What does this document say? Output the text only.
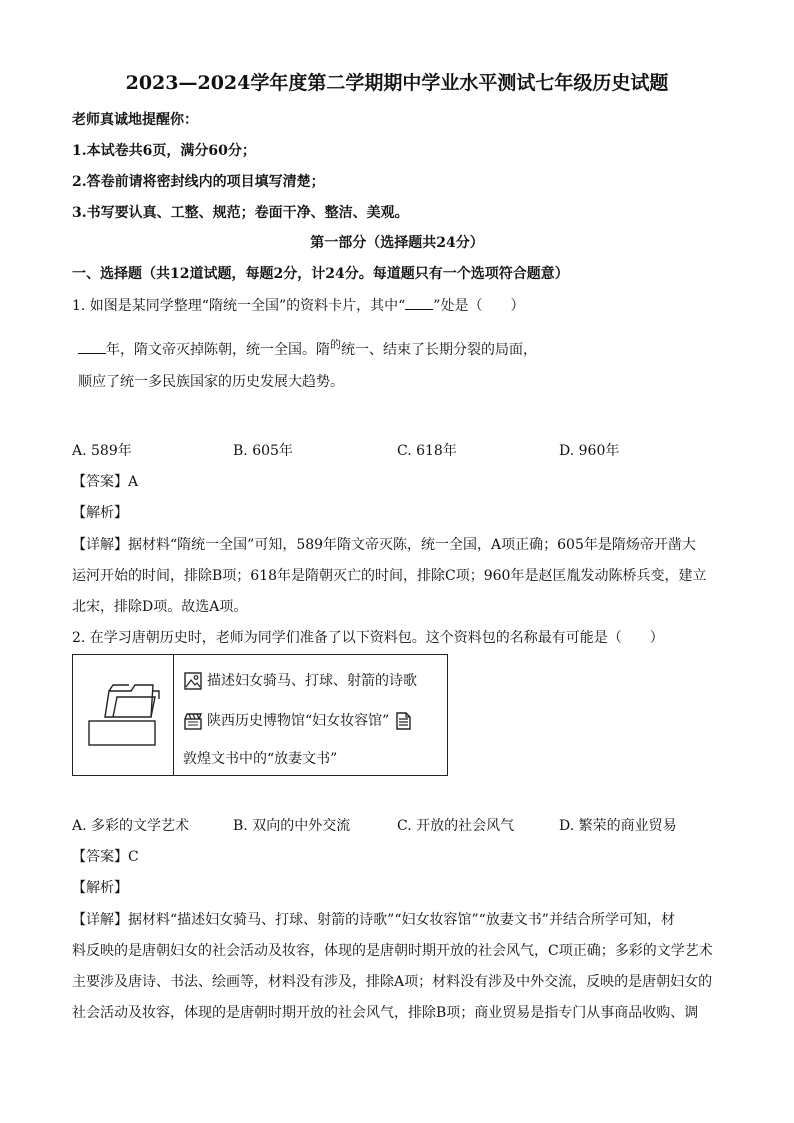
2023—2024学年度第二学期期中学业水平测试七年级历史试题
老师真诚地提醒你：
1.本试卷共6页，满分60分；
2.答卷前请将密封线内的项目填写清楚；
3.书写要认真、工整、规范；卷面干净、整洁、美观。
第一部分（选择题共24分）
一、选择题（共12道试题，每题2分，计24分。每道题只有一个选项符合题意）
1. 如图是某同学整理“隋统一全国”的资料卡片，其中“ ”处是（　　）
年，隋文帝灭掉陈朝，统一全国。隋$^的$统一、结束了长期分裂的局面，
顺应了统一多民族国家的历史发展大趋势。
A. 589年	B. 605年	C. 618年	D. 960年
【答案】A
【解析】
【详解】据材料“隋统一全国”可知，589年隋文帝灭陈，统一全国，A项正确；605年是隋炀帝开凿大
运河开始的时间，排除B项；618年是隋朝灭亡的时间，排除C项；960年是赵匡胤发动陈桥兵变，建立
北宋，排除D项。故选A项。
2. 在学习唐朝历史时，老师为同学们准备了以下资料包。这个资料包的名称最有可能是（　　）
描述妇女骑马、打球、射箭的诗歌
陕西历史博物馆“妇女妆容馆”
敦煌文书中的“放妻文书”
A. 多彩的文学艺术	B. 双向的中外交流	C. 开放的社会风气	D. 繁荣的商业贸易
【答案】C
【解析】
【详解】据材料“描述妇女骑马、打球、射箭的诗歌”“妇女妆容馆”“放妻文书”并结合所学可知，材
料反映的是唐朝妇女的社会活动及妆容，体现的是唐朝时期开放的社会风气，C项正确；多彩的文学艺术
主要涉及唐诗、书法、绘画等，材料没有涉及，排除A项；材料没有涉及中外交流，反映的是唐朝妇女的
社会活动及妆容，体现的是唐朝时期开放的社会风气，排除B项；商业贸易是指专门从事商品收购、调
